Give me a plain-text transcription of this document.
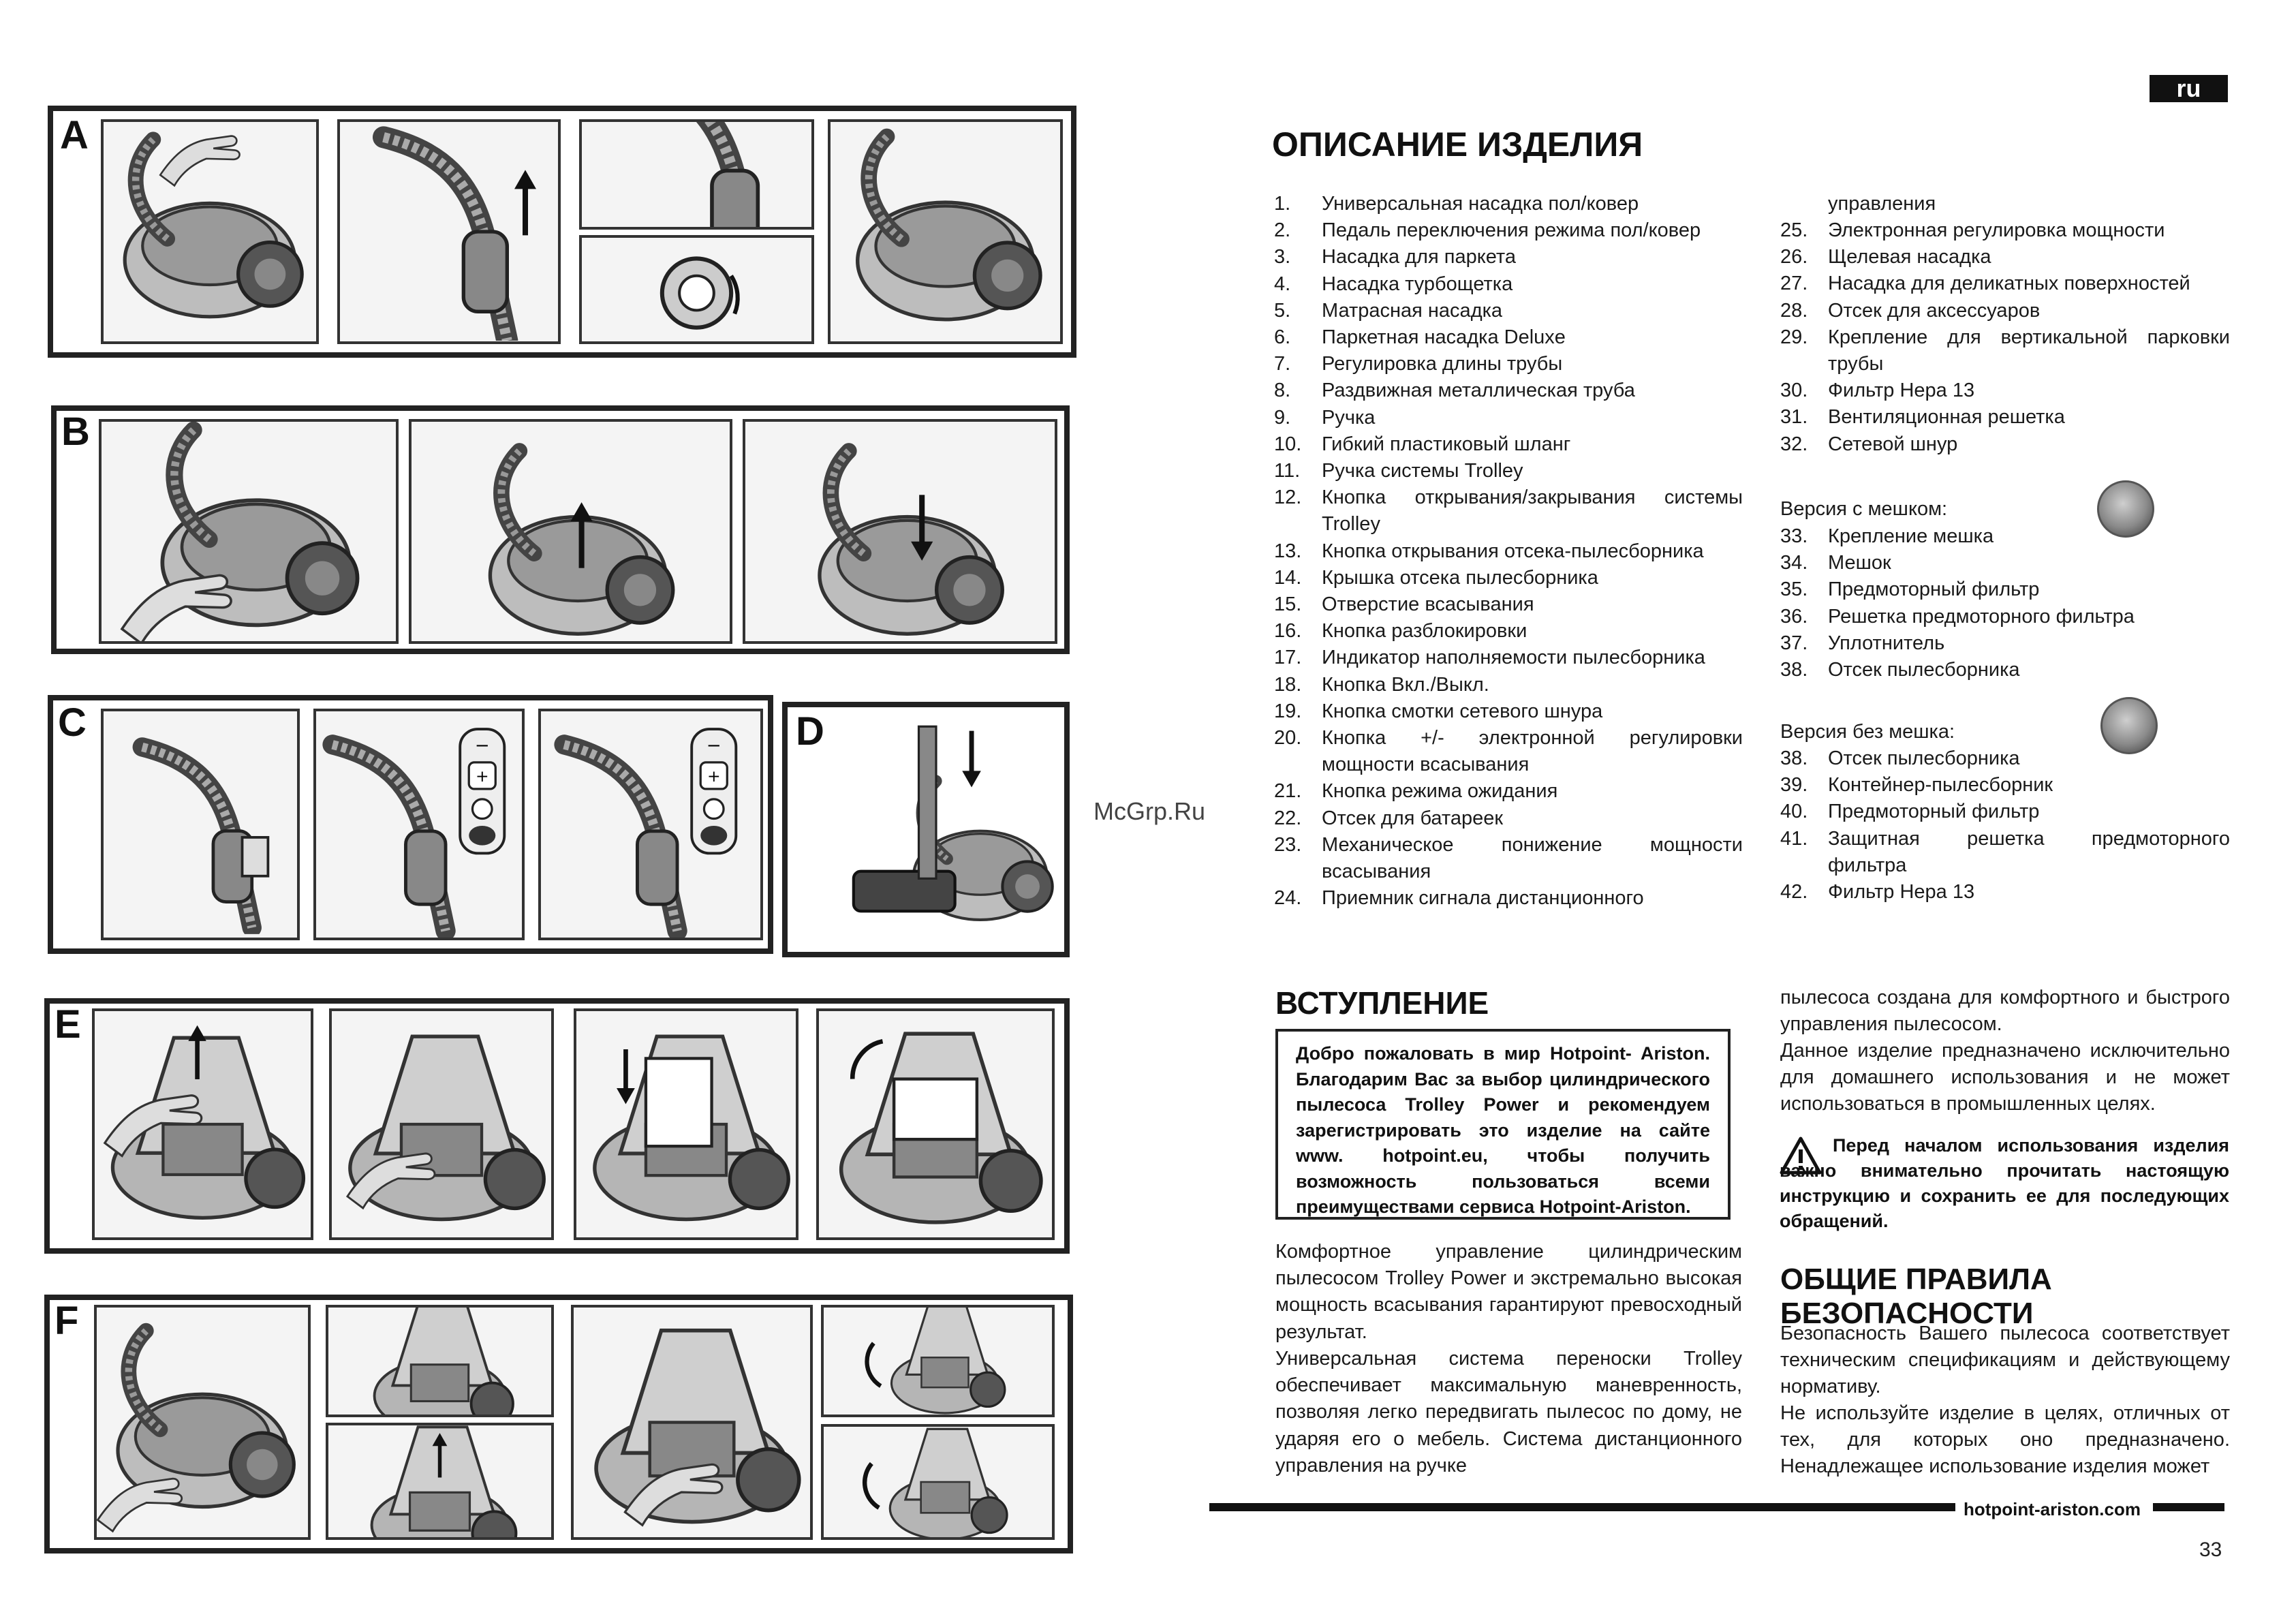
A
B
C	D
E
F
McGrp.Ru
ru
ОПИСАНИЕ ИЗДЕЛИЯ
1.	Универсальная насадка пол/ковер
2.	Педаль переключения режима пол/ковер
3.	Насадка для паркета
4.	Насадка турбощетка
5.	Матрасная насадка
6.	Паркетная насадка Deluxe
7.	Регулировка длины трубы
8.	Раздвижная металлическая труба
9.	Ручка
10.	Гибкий пластиковый шланг
11.	Ручка системы Trolley
12.	Кнопка открывания/закрывания системы Trolley
13.	Кнопка открывания отсека-пылесборника
14.	Крышка отсека пылесборника
15.	Отверстие всасывания
16.	Кнопка разблокировки
17.	Индикатор наполняемости пылесборника
18.	Кнопка Вкл./Выкл.
19.	Кнопка смотки сетевого шнура
20.	Кнопка +/- электронной регулировки мощности всасывания
21.	Кнопка режима ожидания
22.	Отсек для батареек
23.	Механическое понижение мощности всасывания
24.	Приемник сигнала дистанционного
управления
25.	Электронная регулировка мощности
26.	Щелевая насадка
27.	Насадка для деликатных поверхностей
28.	Отсек для аксессуаров
29.	Крепление для вертикальной парковки трубы
30.	Фильтр Hepa 13
31.	Вентиляционная решетка
32.	Сетевой шнур
Версия с мешком:
33.	Крепление мешка
34.	Мешок
35.	Предмоторный фильтр
36.	Решетка предмоторного фильтра
37.	Уплотнитель
38.	Отсек пылесборника
Версия без мешка:
38.	Отсек пылесборника
39.	Контейнер-пылесборник
40.	Предмоторный фильтр
41.	Защитная решетка предмоторного фильтра
42.	Фильтр Hepa 13
ВСТУПЛЕНИЕ
Добро пожаловать в мир Hotpoint- Ariston. Благодарим Вас за выбор цилиндрического пылесоса Trolley Power и рекомендуем зарегистрировать это изделие на сайте www. hotpoint.eu, чтобы получить возможность пользоваться всеми преимуществами сервиса Hotpoint-Ariston.

Комфортное управление цилиндрическим пылесосом Trolley Power и экстремально высокая мощность всасывания гарантируют превосходный результат.

Универсальная система переноски Trolley обеспечивает максимальную маневренность, позволяя легко передвигать пылесос по дому, не ударяя его о мебель. Система дистанционного управления на ручке

пылесоса создана для комфортного и быстрого управления пылесосом.

Данное изделие предназначено исключительно для домашнего использования и не может использоваться в промышленных целях.

Перед началом использования изделия важно внимательно прочитать настоящую инструкцию и сохранить ее для последующих обращений.
ОБЩИЕ ПРАВИЛА БЕЗОПАСНОСТИ

Безопасность Вашего пылесоса соответствует техническим спецификациям и действующему нормативу.

Не используйте изделие в целях, отличных от тех, для которых оно предназначено. Ненадлежащее использование изделия может

hotpoint-ariston.com
33
